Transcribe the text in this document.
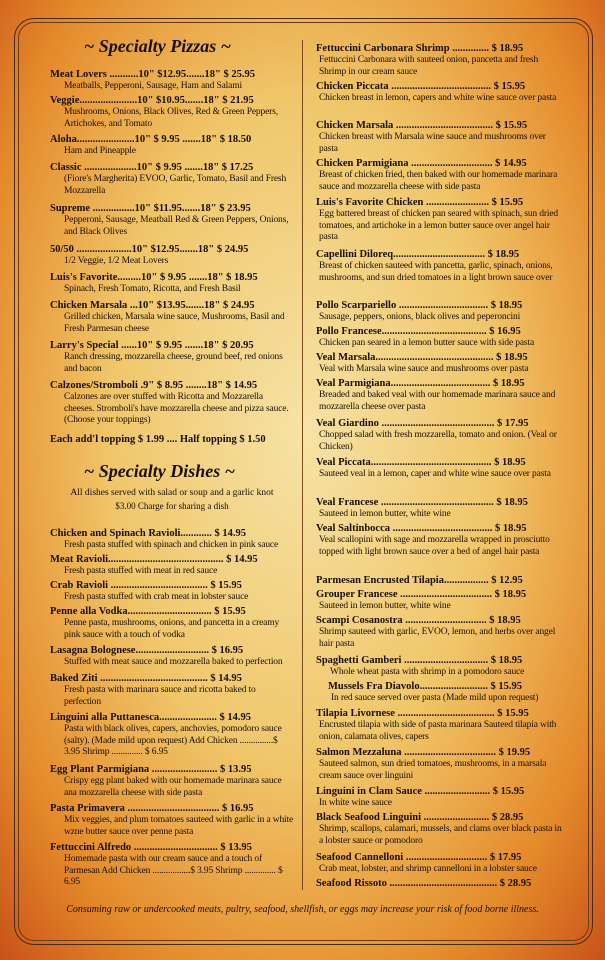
~ Specialty Pizzas ~
Meat Lovers ...........10" $12.95.......18" $ 25.95
Meatballs, Pepperoni, Sausage, Ham and Salami
Veggie......................10" $10.95.......18" $ 21.95
Mushrooms, Onions, Black Olives, Red & Green Peppers, Artichokes, and Tomato
Aloha......................10" $ 9.95 .......18" $ 18.50
Ham and Pineapple
Classic ....................10" $ 9.95 .......18" $ 17.25
(Fiore's Margherita) EVOO, Garlic, Tomato, Basil and Fresh Mozzarella
Supreme ................10" $11.95.......18" $ 23.95
Pepperoni, Sausage, Meatball Red & Green Peppers, Onions, and Black Olives
50/50 .....................10" $12.95.......18" $ 24.95
1/2 Veggie, 1/2 Meat Lovers
Luis's Favorite.........10" $ 9.95 .......18" $ 18.95
Spinach, Fresh Tomato, Ricotta, and Fresh Basil
Chicken Marsala ...10" $13.95.......18" $ 24.95
Grilled chicken, Marsala wine sauce, Mushrooms, Basil and Fresh Parmesan cheese
Larry's Special ......10" $ 9.95 .......18" $ 20.95
Ranch dressing, mozzarella cheese, ground beef, red onions and bacon
Calzones/Stromboli .9" $ 8.95 ........18" $ 14.95
Calzones are over stuffed with Ricotta and Mozzarella cheeses. Stromboli's have mozzarella cheese and pizza sauce. (Choose your toppings)
Each add'l topping $ 1.99 .... Half topping $ 1.50
~ Specialty Dishes ~
All dishes served with salad or soup and a garlic knot
$3.00 Charge for sharing a dish
Chicken and Spinach Ravioli............ $ 14.95
Fresh pasta stuffed with spinach and chicken in pink sauce
Meat Ravioli............................................ $ 14.95
Fresh pasta stuffed with meat in red sauce
Crab Ravioli ..................................... $ 15.95
Fresh pasta stuffed with crab meat in lobster sauce
Penne alla Vodka................................ $ 15.95
Penne pasta, mushrooms, onions, and pancetta in a creamy pink sauce with a touch of vodka
Lasagna Bolognese............................ $ 16.95
Stuffed with meat sauce and mozzarella baked to perfection
Baked Ziti ......................................... $ 14.95
Fresh pasta with marinara sauce and ricotta baked to perfection
Linguini alla Puttanesca...................... $ 14.95
Pasta with black olives, capers, anchovies, pomodoro sauce (salty). (Made mild upon request) Add Chicken ...............$ 3.95 Shrimp .............. $ 6.95
Egg Plant Parmigiana ......................... $ 13.95
Crispy egg plant baked with our homemade marinara sauce ana mozzarella cheese with side pasta
Pasta Primavera ................................... $ 16.95
Mix veggies, and plum tomatoes sauteed with garlic in a white wzne butter sauce over penne pasta
Fettuccini Alfredo ................................ $ 13.95
Homemade pasta with our cream sauce and a touch of Parmesan Add Chicken .................$ 3.95 Shrimp .............. $ 6.95
Fettuccini Carbonara Shrimp .............. $ 18.95
Fettuccini Carbonara with sauteed onion, pancetta and fresh Shrimp in our cream sauce
Chicken Piccata ...................................... $ 15.95
Chicken breast in lemon, capers and white wine sauce over pasta
Chicken Marsala ..................................... $ 15.95
Chicken breast with Marsala wine sauce and mushrooms over pasta
Chicken Parmigiana ............................... $ 14.95
Breast of chicken fried, then baked with our homemade marinara sauce and mozzarella cheese with side pasta
Luis's Favorite Chicken ........................ $ 15.95
Egg battered breast of chicken pan seared with spinach, sun dried tomatoes, and artichoke in a lemon butter sauce over angel hair pasta
Capellini Diloreq................................... $ 18.95
Breast of chicken sauteed with pancetta, garlic, spinach, onions, mushrooms, and sun dried tomatoes in a light brown sauce over
Pollo Scarpariello .................................. $ 18.95
Sausage, peppers, onions, black olives and peperoncini
Pollo Francese........................................ $ 16.95
Chicken pan seared in a lemon butter sauce with side pasta
Veal Marsala............................................. $ 18.95
Veal with Marsala wine sauce and mushrooms over pasta
Veal Parmigiana...................................... $ 18.95
Breaded and baked veal with our homemade marinara sauce and mozzarella cheese over pasta
Veal Giardino ........................................... $ 17.95
Chopped salad with fresh mozzarella, tomato and onion. (Veal or Chicken)
Veal Piccata.............................................. $ 18.95
Sauteed veal in a lemon, caper and white wine sauce over pasta
Veal Francese ........................................... $ 18.95
Sauteed in lemon butter, white wine
Veal Saltinbocca ...................................... $ 18.95
Veal scallopini with sage and mozzarella wrapped in prosciutto topped with light brown sauce over a bed of angel hair pasta
Parmesan Encrusted Tilapia................. $ 12.95
Grouper Francese ................................... $ 18.95
Sauteed in lemon butter, white wine
Scampi Cosanostra ............................... $ 18.95
Shrimp sauteed with garlic, EVOO, lemon, and herbs over angel hair pasta
Spaghetti Gamberi ................................ $ 18.95
Whole wheat pasta with shrimp in a pomodoro sauce
Mussels Fra Diavolo.......................... $ 15.95
In red sauce served over pasta (Made mild upon request)
Tilapia Livornese ..................................... $ 15.95
Encrusted tilapia with side of pasta marinara Sauteed tilapia with onion, calamata olives, capers
Salmon Mezzaluna ................................... $ 19.95
Sauteed salmon, sun dried tomatoes, mushrooms, in a marsala cream sauce over linguini
Linguini in Clam Sauce ......................... $ 15.95
In white wine sauce
Black Seafood Linguini ......................... $ 28.95
Shrimp, scallops, calamari, mussels, and clams over black pasta in a lobster sauce or pomodoro
Seafood Cannelloni ............................... $ 17.95
Crab meat, lobster, and shrimp cannelloni in a lobster sauce
Seafood Rissoto ......................................... $ 28.95
Consuming raw or undercooked meats, pultry, seafood, shellfish, or eggs may increase your risk of food borne illness.
